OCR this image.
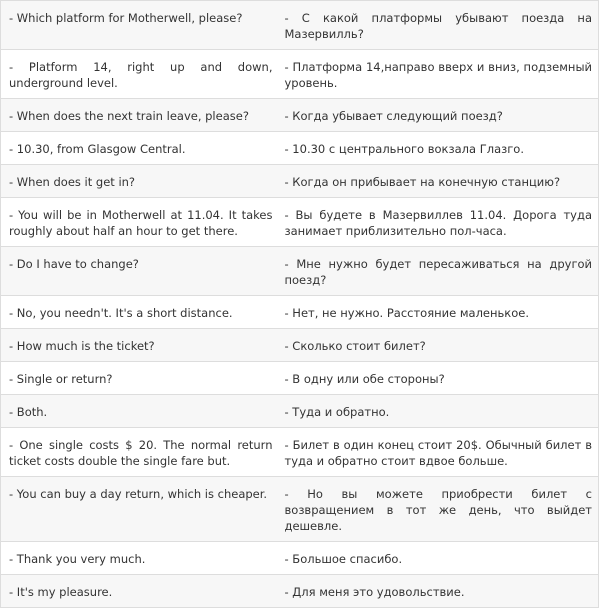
- Which platform for Motherwell, please?	- С какой платформы убывают поезда на Мазервилль?
- Platform 14, right up and down, underground level.	- Платформа 14,направо вверх и вниз, подземный уровень.
- When does the next train leave, please?	- Когда убывает следующий поезд?
- 10.30, from Glasgow Central.	- 10.30 с центрального вокзала Глазго.
- When does it get in?	- Когда он прибывает на конечную станцию?
- You will be in Motherwell at 11.04. It takes roughly about half an hour to get there.	- Вы будете в Мазервиллев 11.04. Дорога туда занимает приблизительно пол-часа.
- Do I have to change?	- Мне нужно будет пересаживаться на другой поезд?
- No, you needn't. It's a short distance.	- Нет, не нужно. Расстояние маленькое.
- How much is the ticket?	- Сколько стоит билет?
- Single or return?	- В одну или обе стороны?
- Both.	- Туда и обратно.
- One single costs $ 20. The normal return ticket costs double the single fare but.	- Билет в один конец стоит 20$. Обычный билет в туда и обратно стоит вдвое больше.
- You can buy a day return, which is cheaper.	- Но вы можете приобрести билет с возвращением в тот же день, что выйдет дешевле.
- Thank you very much.	- Большое спасибо.
- It's my pleasure.	- Для меня это удовольствие.
